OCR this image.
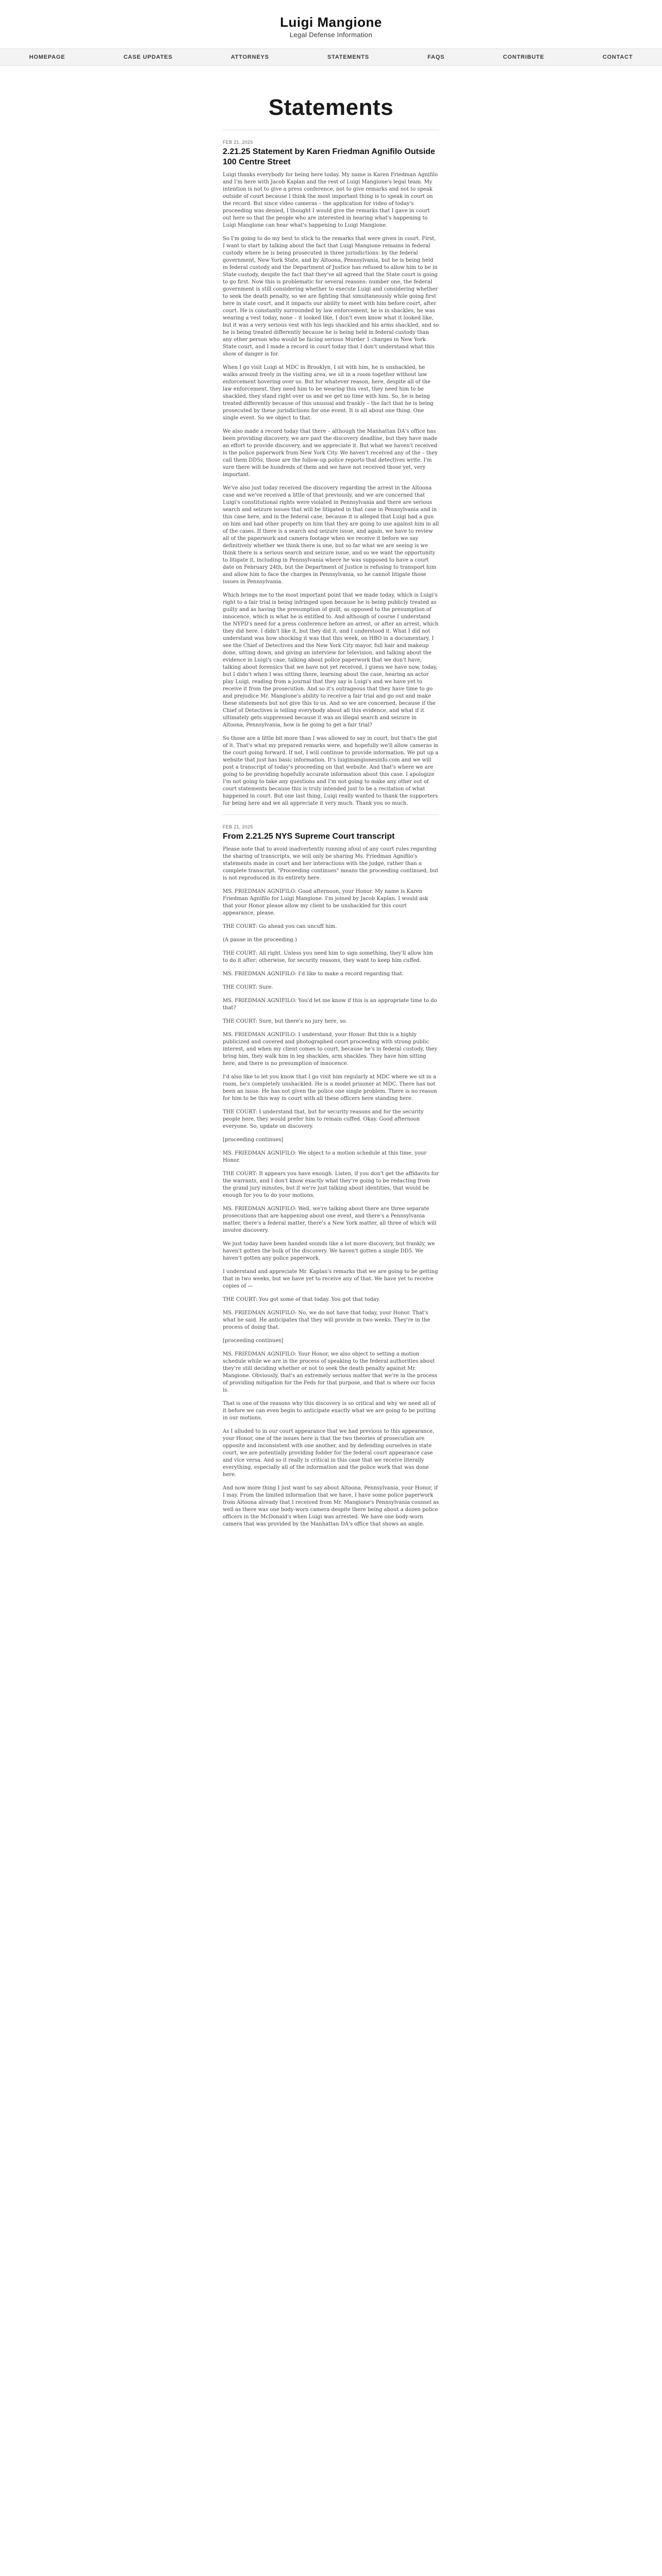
Luigi Mangione
Legal Defense Information
HOMEPAGE	CASE UPDATES	ATTORNEYS	STATEMENTS	FAQS	CONTRIBUTE	CONTACT
Statements
FEB 21, 2025
2.21.25 Statement by Karen Friedman Agnifilo Outside 100 Centre Street

Luigi thanks everybody for being here today. My name is Karen Friedman Agnifilo and I'm here with Jacob Kaplan and the rest of Luigi Mangione's legal team. My intention is not to give a press conference, not to give remarks and not to speak outside of court because I think the most important thing is to speak in court on the record. But since video cameras – the application for video of today's proceeding was denied, I thought I would give the remarks that I gave in court out here so that the people who are interested in hearing what's happening to Luigi Mangione can hear what's happening to Luigi Mangione.

So I'm going to do my best to stick to the remarks that were given in court. First, I want to start by talking about the fact that Luigi Mangione remains in federal custody where he is being prosecuted in three jurisdictions: by the federal government, New York State, and by Altoona, Pennsylvania, but he is being held in federal custody and the Department of Justice has refused to allow him to be in State custody, despite the fact that they've all agreed that the State court is going to go first. Now this is problematic for several reasons: number one, the federal government is still considering whether to execute Luigi and considering whether to seek the death penalty, so we are fighting that simultaneously while going first here in state court, and it impacts our ability to meet with him before court, after court. He is constantly surrounded by law enforcement, he is in shackles, he was wearing a vest today, none – it looked like, I don't even know what it looked like, but it was a very serious vest with his legs shackled and his arms shackled, and so he is being treated differently because he is being held in federal custody than any other person who would be facing serious Murder 1 charges in New York State court, and I made a record in court today that I don't understand what this show of danger is for.

When I go visit Luigi at MDC in Brooklyn, I sit with him, he is unshackled, he walks around freely in the visiting area, we sit in a room together without law enforcement hovering over us. But for whatever reason, here, despite all of the law enforcement, they need him to be wearing this vest, they need him to be shackled, they stand right over us and we get no time with him. So, he is being treated differently because of this unusual and frankly – the fact that he is being prosecuted by these jurisdictions for one event. It is all about one thing. One single event. So we object to that.

We also made a record today that there – although the Manhattan DA's office has been providing discovery, we are past the discovery deadline, but they have made an effort to provide discovery, and we appreciate it. But what we haven't received is the police paperwork from New York City. We haven't received any of the – they call them DD5s, those are the follow-up police reports that detectives write. I'm sure there will be hundreds of them and we have not received those yet, very important.

We've also just today received the discovery regarding the arrest in the Altoona case and we've received a little of that previously, and we are concerned that Luigi's constitutional rights were violated in Pennsylvania and there are serious search and seizure issues that will be litigated in that case in Pennsylvania and in this case here, and in the federal case, because it is alleged that Luigi had a gun on him and had other property on him that they are going to use against him in all of the cases. If there is a search and seizure issue, and again, we have to review all of the paperwork and camera footage when we receive it before we say definitively whether we think there is one, but so far what we are seeing is we think there is a serious search and seizure issue, and so we want the opportunity to litigate it, including in Pennsylvania where he was supposed to have a court date on February 24th, but the Department of Justice is refusing to transport him and allow him to face the charges in Pennsylvania, so he cannot litigate those issues in Pennsylvania.

Which brings me to the most important point that we made today, which is Luigi's right to a fair trial is being infringed upon because he is being publicly treated as guilty and as having the presumption of guilt, as opposed to the presumption of innocence, which is what he is entitled to. And although of course I understand the NYPD's need for a press conference before an arrest, or after an arrest, which they did here. I didn't like it, but they did it, and I understood it. What I did not understand was how shocking it was that this week, on HBO in a documentary, I see the Chief of Detectives and the New York City mayor, full hair and makeup done, sitting down, and giving an interview for television, and talking about the evidence in Luigi's case, talking about police paperwork that we don't have, talking about forensics that we have not yet received, I guess we have now, today, but I didn't when I was sitting there, learning about the case, hearing an actor play Luigi, reading from a journal that they say is Luigi's and we have yet to receive it from the prosecution. And so it's outrageous that they have time to go and prejudice Mr. Mangione's ability to receive a fair trial and go out and make these statements but not give this to us. And so we are concerned, because if the Chief of Detectives is telling everybody about all this evidence, and what if it ultimately gets suppressed because it was an illegal search and seizure in Altoona, Pennsylvania, how is he going to get a fair trial?

So those are a little bit more than I was allowed to say in court, but that's the gist of it. That's what my prepared remarks were, and hopefully we'll allow cameras in the court going forward. If not, I will continue to provide information. We put up a website that just has basic information. It's luigimangionesinfo.com and we will post a transcript of today's proceeding on that website. And that's where we are going to be providing hopefully accurate information about this case. I apologize I'm not going to take any questions and I'm not going to make any other out of court statements because this is truly intended just to be a recitation of what happened in court. But one last thing, Luigi really wanted to thank the supporters for being here and we all appreciate it very much. Thank you so much.

FEB 21, 2025
From 2.21.25 NYS Supreme Court transcript

Please note that to avoid inadvertently running afoul of any court rules regarding the sharing of transcripts, we will only be sharing Ms. Friedman Agnifilo's statements made in court and her interactions with the judge, rather than a complete transcript. "Proceeding continues" means the proceeding continued, but is not reproduced in its entirety here.

MS. FRIEDMAN AGNIFILO: Good afternoon, your Honor. My name is Karen Friedman Agnifilo for Luigi Mangione. I'm joined by Jacob Kaplan. I would ask that your Honor please allow my client to be unshackled for this court appearance, please.

THE COURT: Go ahead you can uncuff him.

(A pause in the proceeding.)

THE COURT: All right. Unless you need him to sign something, they'll allow him to do it after; otherwise, for security reasons, they want to keep him cuffed.

MS. FRIEDMAN AGNIFILO: I'd like to make a record regarding that.

THE COURT: Sure.

MS. FRIEDMAN AGNIFILO: You'd let me know if this is an appropriate time to do that?

THE COURT: Sure, but there's no jury here, so.

MS. FRIEDMAN AGNIFILO: I understand, your Honor. But this is a highly publicized and covered and photographed court proceeding with strong public interest, and when my client comes to court, because he's in federal custody, they bring him, they walk him in leg shackles, arm shackles. They have him sitting here, and there is no presumption of innocence.

I'd also like to let you know that I go visit him regularly at MDC where we sit in a room, he's completely unshackled. He is a model prisoner at MDC. There has not been an issue. He has not given the police one single problem. There is no reason for him to be this way in court with all these officers here standing here.

THE COURT: I understand that, but for security reasons and for the security people here, they would prefer him to remain cuffed. Okay. Good afternoon everyone. So, update on discovery.

[proceeding continues]

MS. FRIEDMAN AGNIFILO: We object to a motion schedule at this time, your Honor.

THE COURT: It appears you have enough. Listen, if you don't get the affidavits for the warrants, and I don't know exactly what they're going to be redacting from the grand jury minutes, but if we're just talking about identities, that would be enough for you to do your motions.

MS. FRIEDMAN AGNIFILO: Well, we're talking about there are three separate prosecutions that are happening about one event, and there's a Pennsylvania matter, there's a federal matter, there's a New York matter, all three of which will involve discovery.

We just today have been handed sounds like a lot more discovery, but frankly, we haven't gotten the bulk of the discovery. We haven't gotten a single DD5. We haven't gotten any police paperwork.

I understand and appreciate Mr. Kaplan's remarks that we are going to be getting that in two weeks, but we have yet to receive any of that. We have yet to receive copies of —

THE COURT: You got some of that today. You got that today.

MS. FRIEDMAN AGNIFILO: No, we do not have that today, your Honor. That's what he said. He anticipates that they will provide in two weeks. They're in the process of doing that.

[proceeding continues]

MS. FRIEDMAN AGNIFILO: Your Honor, we also object to setting a motion schedule while we are in the process of speaking to the federal authorities about they're still deciding whether or not to seek the death penalty against Mr. Mangione. Obviously, that's an extremely serious matter that we're in the process of providing mitigation for the Feds for that purpose, and that is where our focus is.

That is one of the reasons why this discovery is so critical and why we need all of it before we can even begin to anticipate exactly what we are going to be putting in our motions.

As I alluded to in our court appearance that we had previous to this appearance, your Honor, one of the issues here is that the two theories of prosecution are opposite and inconsistent with one another, and by defending ourselves in state court, we are potentially providing fodder for the federal court appearance case and vice versa. And so it really is critical in this case that we receive literally everything, especially all of the information and the police work that was done here.

And now more thing I just want to say about Altoona, Pennsylvania, your Honor, if I may. From the limited information that we have, I have some police paperwork from Altoona already that I received from Mr. Mangione's Pennsylvania counsel as well as there was one body-worn camera despite there being about a dozen police officers in the McDonald's when Luigi was arrested. We have one body-worn camera that was provided by the Manhattan DA's office that shows an angle.
